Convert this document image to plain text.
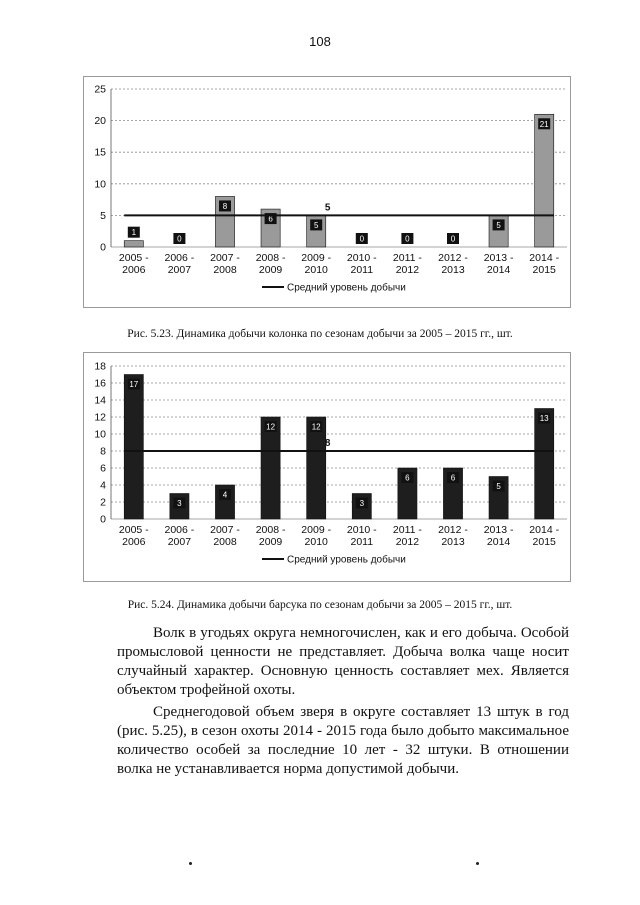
108
0
5
10
15
20
25
1
2005 -
2006
0
2006 -
2007
8
2007 -
2008
6
2008 -
2009
5
2009 -
2010
0
2010 -
2011
0
2011 -
2012
0
2012 -
2013
5
2013 -
2014
21
2014 -
2015
5
Средний уровень добычи
Рис. 5.23. Динамика добычи колонка по сезонам добычи за 2005 – 2015 гг., шт.
0
2
4
6
8
10
12
14
16
18
17
2005 -
2006
3
2006 -
2007
4
2007 -
2008
12
2008 -
2009
12
2009 -
2010
3
2010 -
2011
6
2011 -
2012
6
2012 -
2013
5
2013 -
2014
13
2014 -
2015
8
Средний уровень добычи
Рис. 5.24. Динамика добычи барсука по сезонам добычи за 2005 – 2015 гг., шт.

Волк в угодьях округа немногочислен, как и его добыча. Особой промысловой ценности не представляет. Добыча волка чаще носит случайный характер. Основную ценность составляет мех. Является объектом трофейной охоты.

Среднегодовой объем зверя в округе составляет 13 штук в год (рис. 5.25), в сезон охоты 2014 - 2015 года было добыто максимальное количество особей за последние 10 лет - 32 штуки. В отношении волка не устанавливается норма допустимой добычи.
